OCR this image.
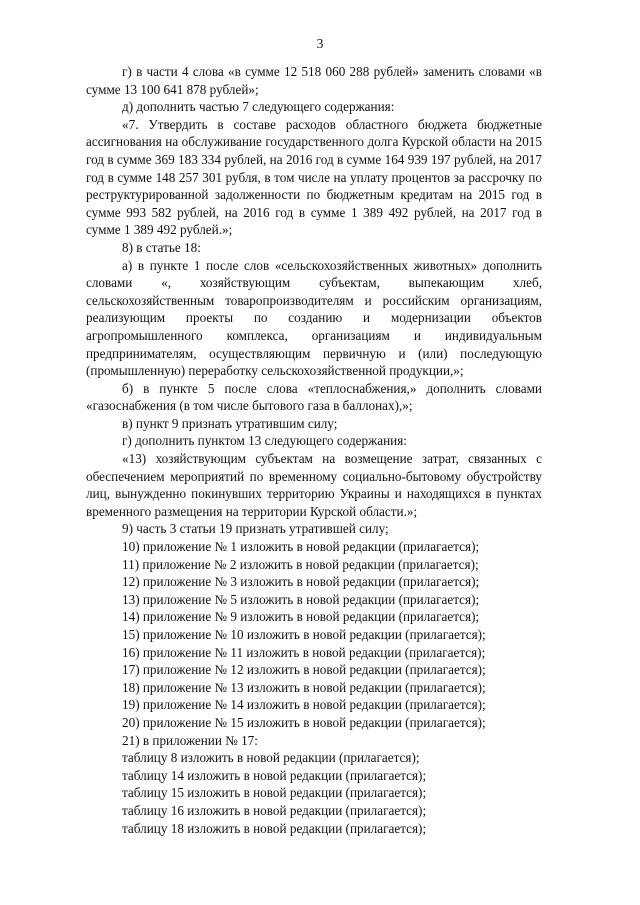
3

г) в части 4 слова «в сумме 12 518 060 288 рублей» заменить словами «в сумме 13 100 641 878 рублей»;

д) дополнить частью 7 следующего содержания:

«7. Утвердить в составе расходов областного бюджета бюджетные ассигнования на обслуживание государственного долга Курской области на 2015 год в сумме 369 183 334 рублей, на 2016 год в сумме 164 939 197 рублей, на 2017 год в сумме 148 257 301 рубля, в том числе на уплату процентов за рассрочку по реструктурированной задолженности по бюджетным кредитам на 2015 год в сумме 993 582 рублей, на 2016 год в сумме 1 389 492 рублей, на 2017 год в сумме 1 389 492 рублей.»;

8) в статье 18:

а) в пункте 1 после слов «сельскохозяйственных животных» дополнить словами «, хозяйствующим субъектам, выпекающим хлеб, сельскохозяйственным товаропроизводителям и российским организациям, реализующим проекты по созданию и модернизации объектов агропромышленного комплекса, организациям и индивидуальным предпринимателям, осуществляющим первичную и (или) последующую (промышленную) переработку сельскохозяйственной продукции,»;

б) в пункте 5 после слова «теплоснабжения,» дополнить словами «газоснабжения (в том числе бытового газа в баллонах),»;

в) пункт 9 признать утратившим силу;

г) дополнить пунктом 13 следующего содержания:

«13) хозяйствующим субъектам на возмещение затрат, связанных с обеспечением мероприятий по временному социально-бытовому обустройству лиц, вынужденно покинувших территорию Украины и находящихся в пунктах временного размещения на территории Курской области.»;

9) часть 3 статьи 19 признать утратившей силу;

10) приложение № 1 изложить в новой редакции (прилагается);

11) приложение № 2 изложить в новой редакции (прилагается);

12) приложение № 3 изложить в новой редакции (прилагается);

13) приложение № 5 изложить в новой редакции (прилагается);

14) приложение № 9 изложить в новой редакции (прилагается);

15) приложение № 10 изложить в новой редакции (прилагается);

16) приложение № 11 изложить в новой редакции (прилагается);

17) приложение № 12 изложить в новой редакции (прилагается);

18) приложение № 13 изложить в новой редакции (прилагается);

19) приложение № 14 изложить в новой редакции (прилагается);

20) приложение № 15 изложить в новой редакции (прилагается);

21) в приложении № 17:

таблицу 8 изложить в новой редакции (прилагается);

таблицу 14 изложить в новой редакции (прилагается);

таблицу 15 изложить в новой редакции (прилагается);

таблицу 16 изложить в новой редакции (прилагается);

таблицу 18 изложить в новой редакции (прилагается);
